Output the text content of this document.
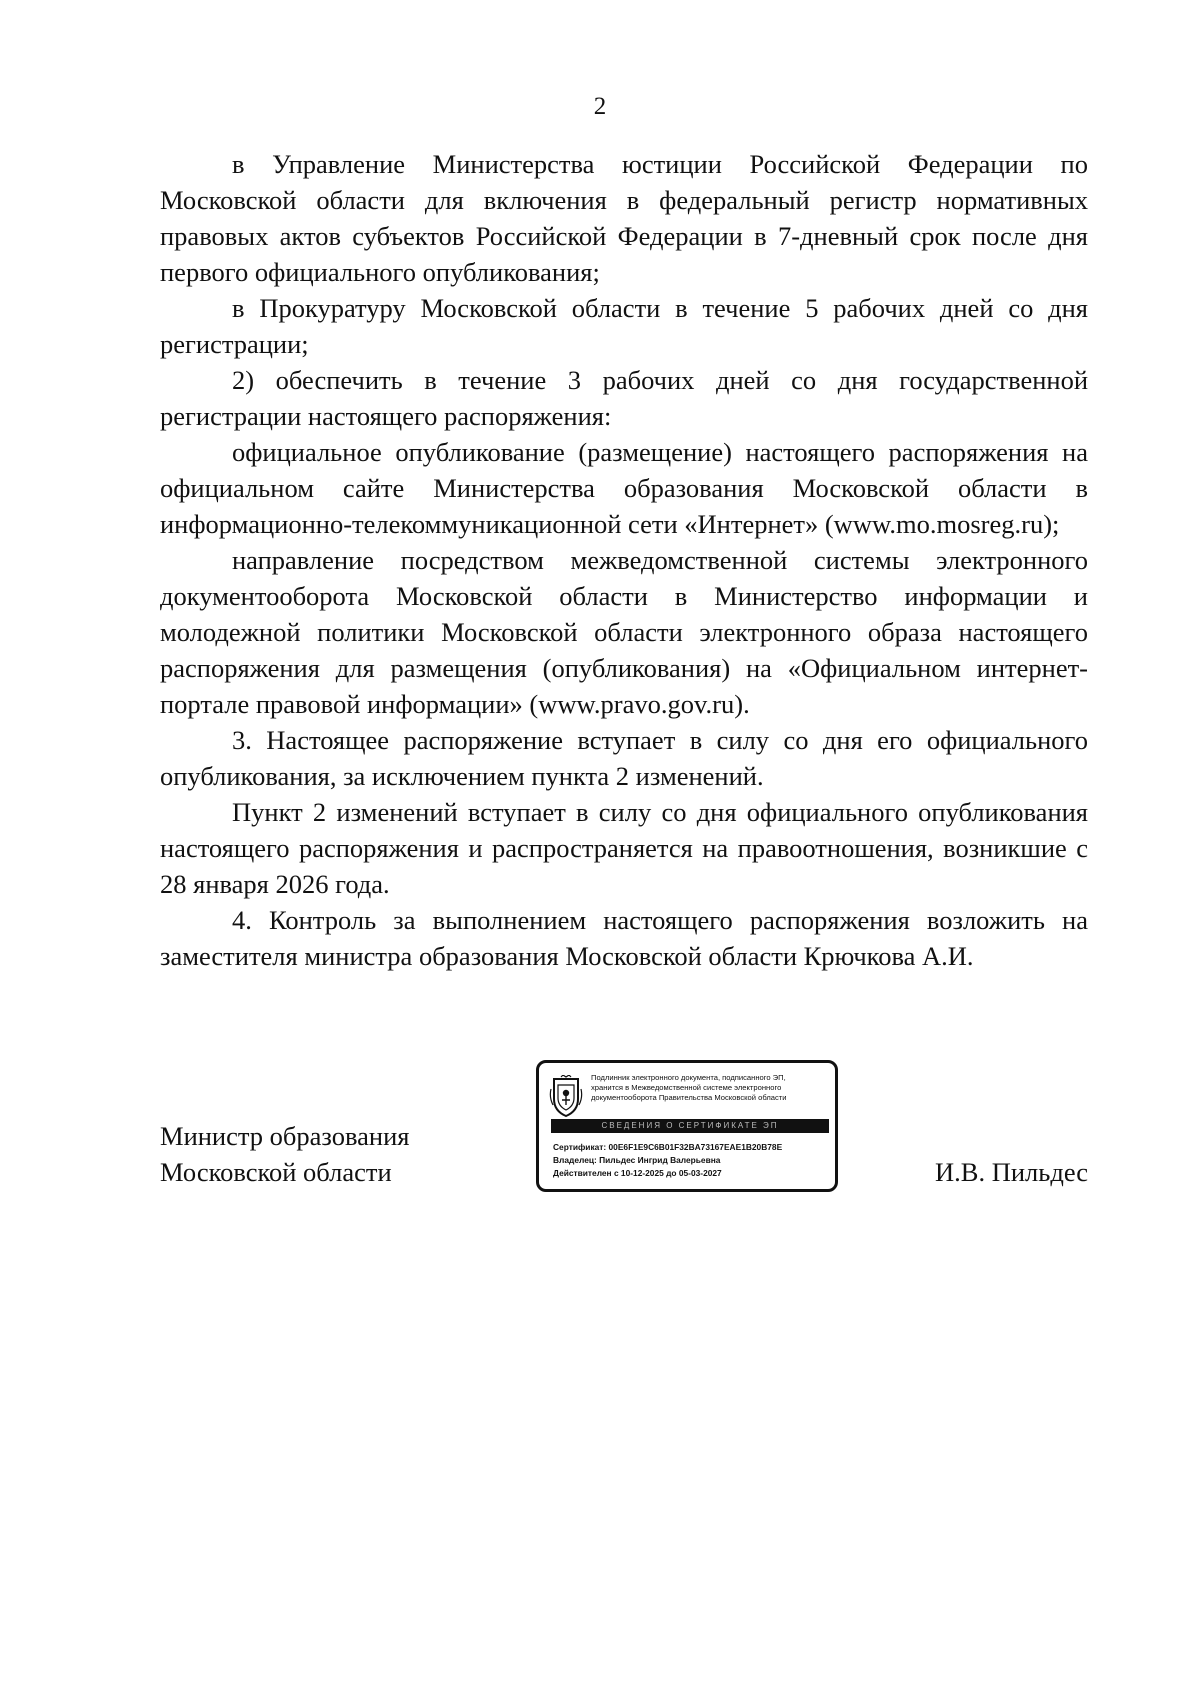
2

в Управление Министерства юстиции Российской Федерации по Московской области для включения в федеральный регистр нормативных правовых актов субъектов Российской Федерации в 7-дневный срок после дня первого официального опубликования;

в Прокуратуру Московской области в течение 5 рабочих дней со дня регистрации;

2) обеспечить в течение 3 рабочих дней со дня государственной регистрации настоящего распоряжения:

официальное опубликование (размещение) настоящего распоряжения на официальном сайте Министерства образования Московской области в информационно-телекоммуникационной сети «Интернет» (www.mo.mosreg.ru);

направление посредством межведомственной системы электронного документооборота Московской области в Министерство информации и молодежной политики Московской области электронного образа настоящего распоряжения для размещения (опубликования) на «Официальном интернет-портале правовой информации» (www.pravo.gov.ru).

3. Настоящее распоряжение вступает в силу со дня его официального опубликования, за исключением пункта 2 изменений.

Пункт 2 изменений вступает в силу со дня официального опубликования настоящего распоряжения и распространяется на правоотношения, возникшие с 28 января 2026 года.

4. Контроль за выполнением настоящего распоряжения возложить на заместителя министра образования Московской области Крючкова А.И.

Министр образования
Московской области
Подлинник электронного документа, подписанного ЭП,
хранится в Межведомственной системе электронного
документооборота Правительства Московской области
СВЕДЕНИЯ О СЕРТИФИКАТЕ ЭП
Сертификат: 00E6F1E9C6B01F32BA73167EAE1B20B78E
Владелец: Пильдес Ингрид Валерьевна
Действителен с 10-12-2025 до 05-03-2027	И.В. Пильдес
